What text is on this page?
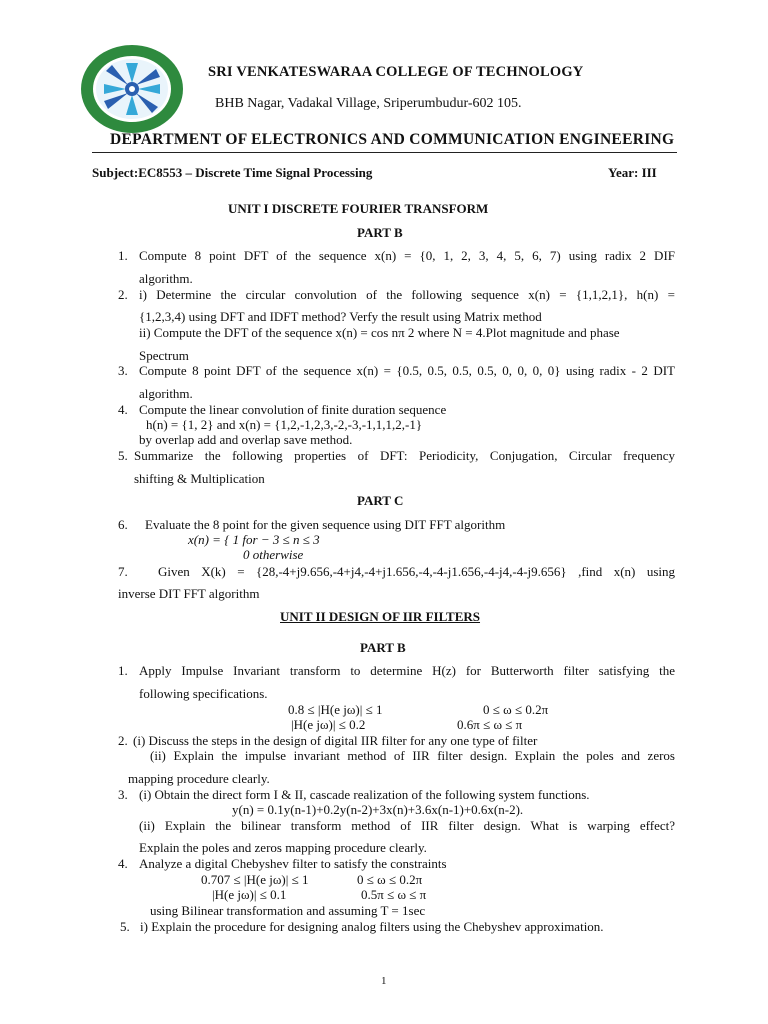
SRI VENKATESWARAA COLLEGE OF TECHNOLOGY
BHB Nagar, Vadakal Village, Sriperumbudur-602 105.
DEPARTMENT OF ELECTRONICS AND COMMUNICATION ENGINEERING
Subject:EC8553 – Discrete Time Signal Processing	Year: III
UNIT I DISCRETE FOURIER TRANSFORM
PART B
1. Compute 8 point DFT of the sequence x(n) = {0, 1, 2, 3, 4, 5, 6, 7) using radix 2 DIF
algorithm.
2. i) Determine the circular convolution of the following sequence x(n) = {1,1,2,1}, h(n) =
{1,2,3,4) using DFT and IDFT method? Verfy the result using Matrix method
ii) Compute the DFT of the sequence x(n) = cos nπ 2 where N = 4.Plot magnitude and phase
Spectrum
3. Compute 8 point DFT of the sequence x(n) = {0.5, 0.5, 0.5, 0.5, 0, 0, 0, 0} using radix - 2 DIT
algorithm.
4. Compute the linear convolution of finite duration sequence
h(n) = {1, 2} and x(n) = {1,2,-1,2,3,-2,-3,-1,1,1,2,-1}
by overlap add and overlap save method.
5. Summarize the following properties of DFT: Periodicity, Conjugation, Circular frequency
shifting & Multiplication
PART C
6. Evaluate the 8 point for the given sequence using DIT FFT algorithm
x(n) = { 1 for − 3 ≤ n ≤ 3
0 otherwise
7. Given X(k) = {28,-4+j9.656,-4+j4,-4+j1.656,-4,-4-j1.656,-4-j4,-4-j9.656} ,find x(n) using
inverse DIT FFT algorithm
UNIT II DESIGN OF IIR FILTERS
PART B
1. Apply Impulse Invariant transform to determine H(z) for Butterworth filter satisfying the
following specifications.
0.8 ≤ |H(e jω)| ≤ 1	0 ≤ ω ≤ 0.2π
|H(e jω)| ≤ 0.2	0.6π ≤ ω ≤ π
2. (i) Discuss the steps in the design of digital IIR filter for any one type of filter
(ii) Explain the impulse invariant method of IIR filter design. Explain the poles and zeros
mapping procedure clearly.
3. (i) Obtain the direct form I & II, cascade realization of the following system functions.
y(n) = 0.1y(n-1)+0.2y(n-2)+3x(n)+3.6x(n-1)+0.6x(n-2).
(ii) Explain the bilinear transform method of IIR filter design. What is warping effect?
Explain the poles and zeros mapping procedure clearly.
4. Analyze a digital Chebyshev filter to satisfy the constraints
0.707 ≤ |H(e jω)| ≤ 1	0 ≤ ω ≤ 0.2π
|H(e jω)| ≤ 0.1	0.5π ≤ ω ≤ π
using Bilinear transformation and assuming T = 1sec
5. i) Explain the procedure for designing analog filters using the Chebyshev approximation.
1
